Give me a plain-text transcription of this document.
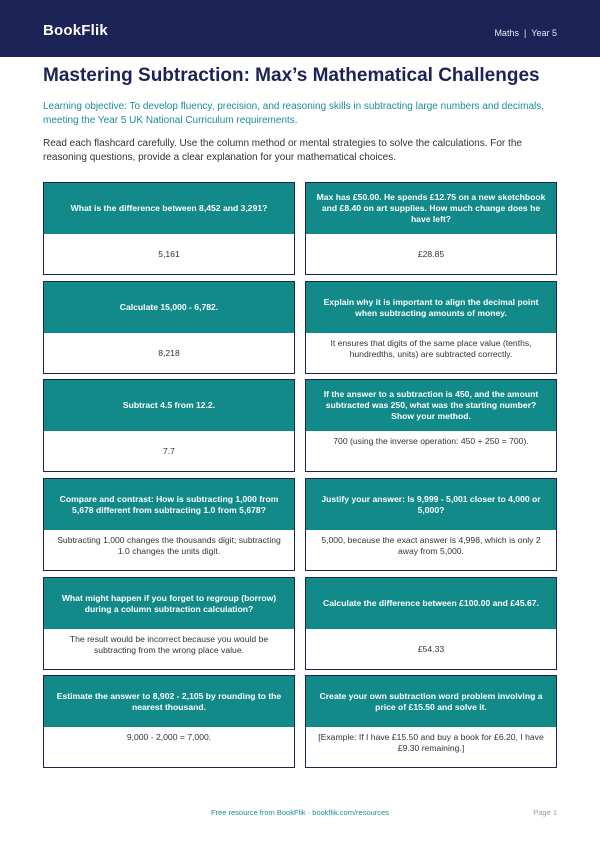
BookFlik	Maths | Year 5
Mastering Subtraction: Max’s Mathematical Challenges
Learning objective: To develop fluency, precision, and reasoning skills in subtracting large numbers and decimals, meeting the Year 5 UK National Curriculum requirements.
Read each flashcard carefully. Use the column method or mental strategies to solve the calculations. For the reasoning questions, provide a clear explanation for your mathematical choices.
What is the difference between 8,452 and 3,291?
5,161
Max has £50.00. He spends £12.75 on a new sketchbook and £8.40 on art supplies. How much change does he have left?
£28.85
Calculate 15,000 - 6,782.
8,218
Explain why it is important to align the decimal point when subtracting amounts of money.
It ensures that digits of the same place value (tenths, hundredths, units) are subtracted correctly.
Subtract 4.5 from 12.2.
7.7
If the answer to a subtraction is 450, and the amount subtracted was 250, what was the starting number? Show your method.
700 (using the inverse operation: 450 + 250 = 700).
Compare and contrast: How is subtracting 1,000 from 5,678 different from subtracting 1.0 from 5,678?
Subtracting 1,000 changes the thousands digit; subtracting 1.0 changes the units digit.
Justify your answer: Is 9,999 - 5,001 closer to 4,000 or 5,000?
5,000, because the exact answer is 4,998, which is only 2 away from 5,000.
What might happen if you forget to regroup (borrow) during a column subtraction calculation?
The result would be incorrect because you would be subtracting from the wrong place value.
Calculate the difference between £100.00 and £45.67.
£54.33
Estimate the answer to 8,902 - 2,105 by rounding to the nearest thousand.
9,000 - 2,000 = 7,000.
Create your own subtraction word problem involving a price of £15.50 and solve it.
[Example: If I have £15.50 and buy a book for £6.20, I have £9.30 remaining.]
Free resource from BookFlik · bookflik.com/resources	Page 1
